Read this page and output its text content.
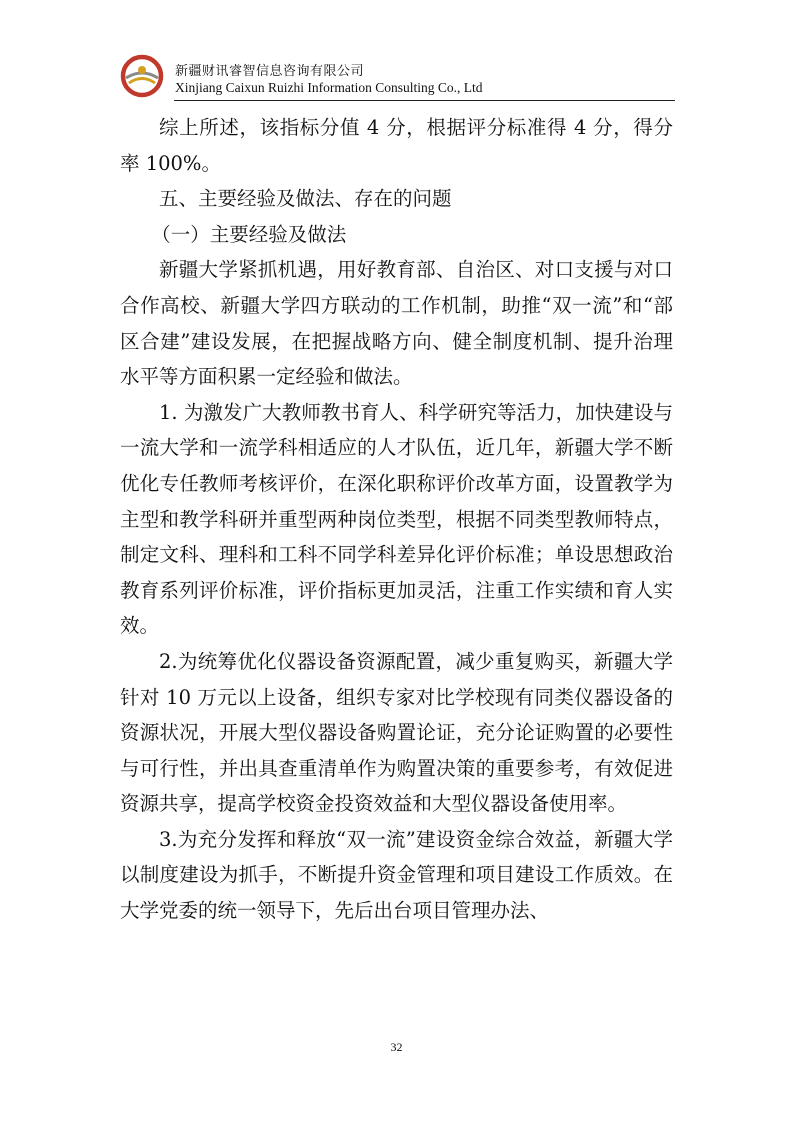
新疆财讯睿智信息咨询有限公司
Xinjiang Caixun Ruizhi Information Consulting Co., Ltd

综上所述，该指标分值 4 分，根据评分标准得 4 分，得分率 100%。

五、主要经验及做法、存在的问题

（一）主要经验及做法

新疆大学紧抓机遇，用好教育部、自治区、对口支援与对口合作高校、新疆大学四方联动的工作机制，助推“双一流”和“部区合建”建设发展，在把握战略方向、健全制度机制、提升治理水平等方面积累一定经验和做法。

1. 为激发广大教师教书育人、科学研究等活力，加快建设与一流大学和一流学科相适应的人才队伍，近几年，新疆大学不断优化专任教师考核评价，在深化职称评价改革方面，设置教学为主型和教学科研并重型两种岗位类型，根据不同类型教师特点，制定文科、理科和工科不同学科差异化评价标准；单设思想政治教育系列评价标准，评价指标更加灵活，注重工作实绩和育人实效。

2.为统筹优化仪器设备资源配置，减少重复购买，新疆大学针对 10 万元以上设备，组织专家对比学校现有同类仪器设备的资源状况，开展大型仪器设备购置论证，充分论证购置的必要性与可行性，并出具查重清单作为购置决策的重要参考，有效促进资源共享，提高学校资金投资效益和大型仪器设备使用率。

3.为充分发挥和释放“双一流”建设资金综合效益，新疆大学以制度建设为抓手，不断提升资金管理和项目建设工作质效。在大学党委的统一领导下，先后出台项目管理办法、

32
